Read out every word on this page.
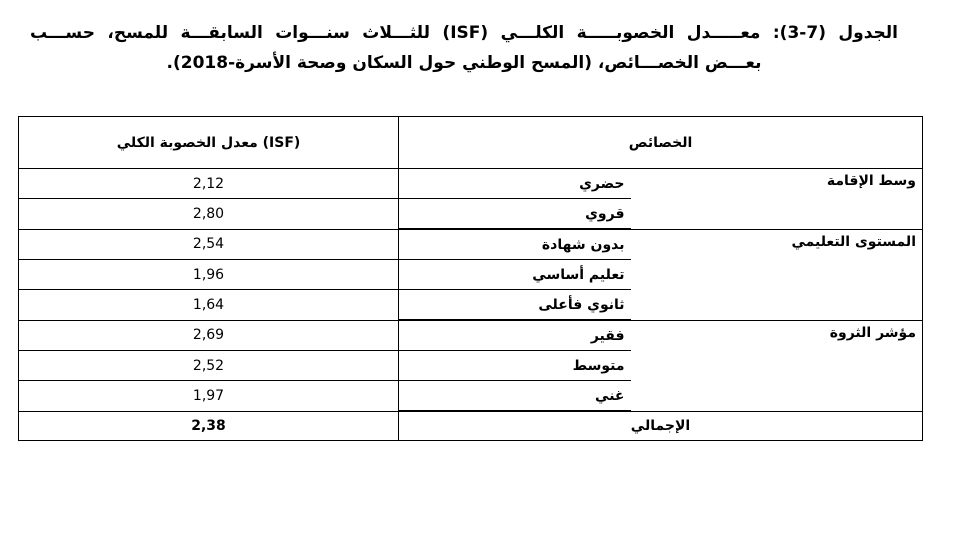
الجدول (7-3): معـــــدل الخصوبـــــة الكلـــي (ISF) للثـــلاث سنـــوات السابقـــة للمسح، حســـب
بعـــض الخصـــائص، (المسح الوطني حول السكان وصحة الأسرة-2018).
معدل الخصوبة الكلي (ISF)	الخصائص	
2,12	حضري	وسط الإقامة
2,80	قروي	
2,54	بدون شهادة	المستوى التعليمي
1,96	تعليم أساسي	
1,64	ثانوي فأعلى	
2,69	فقير	مؤشر الثروة
2,52	متوسط	
1,97	غني	
2,38	الإجمالي	
